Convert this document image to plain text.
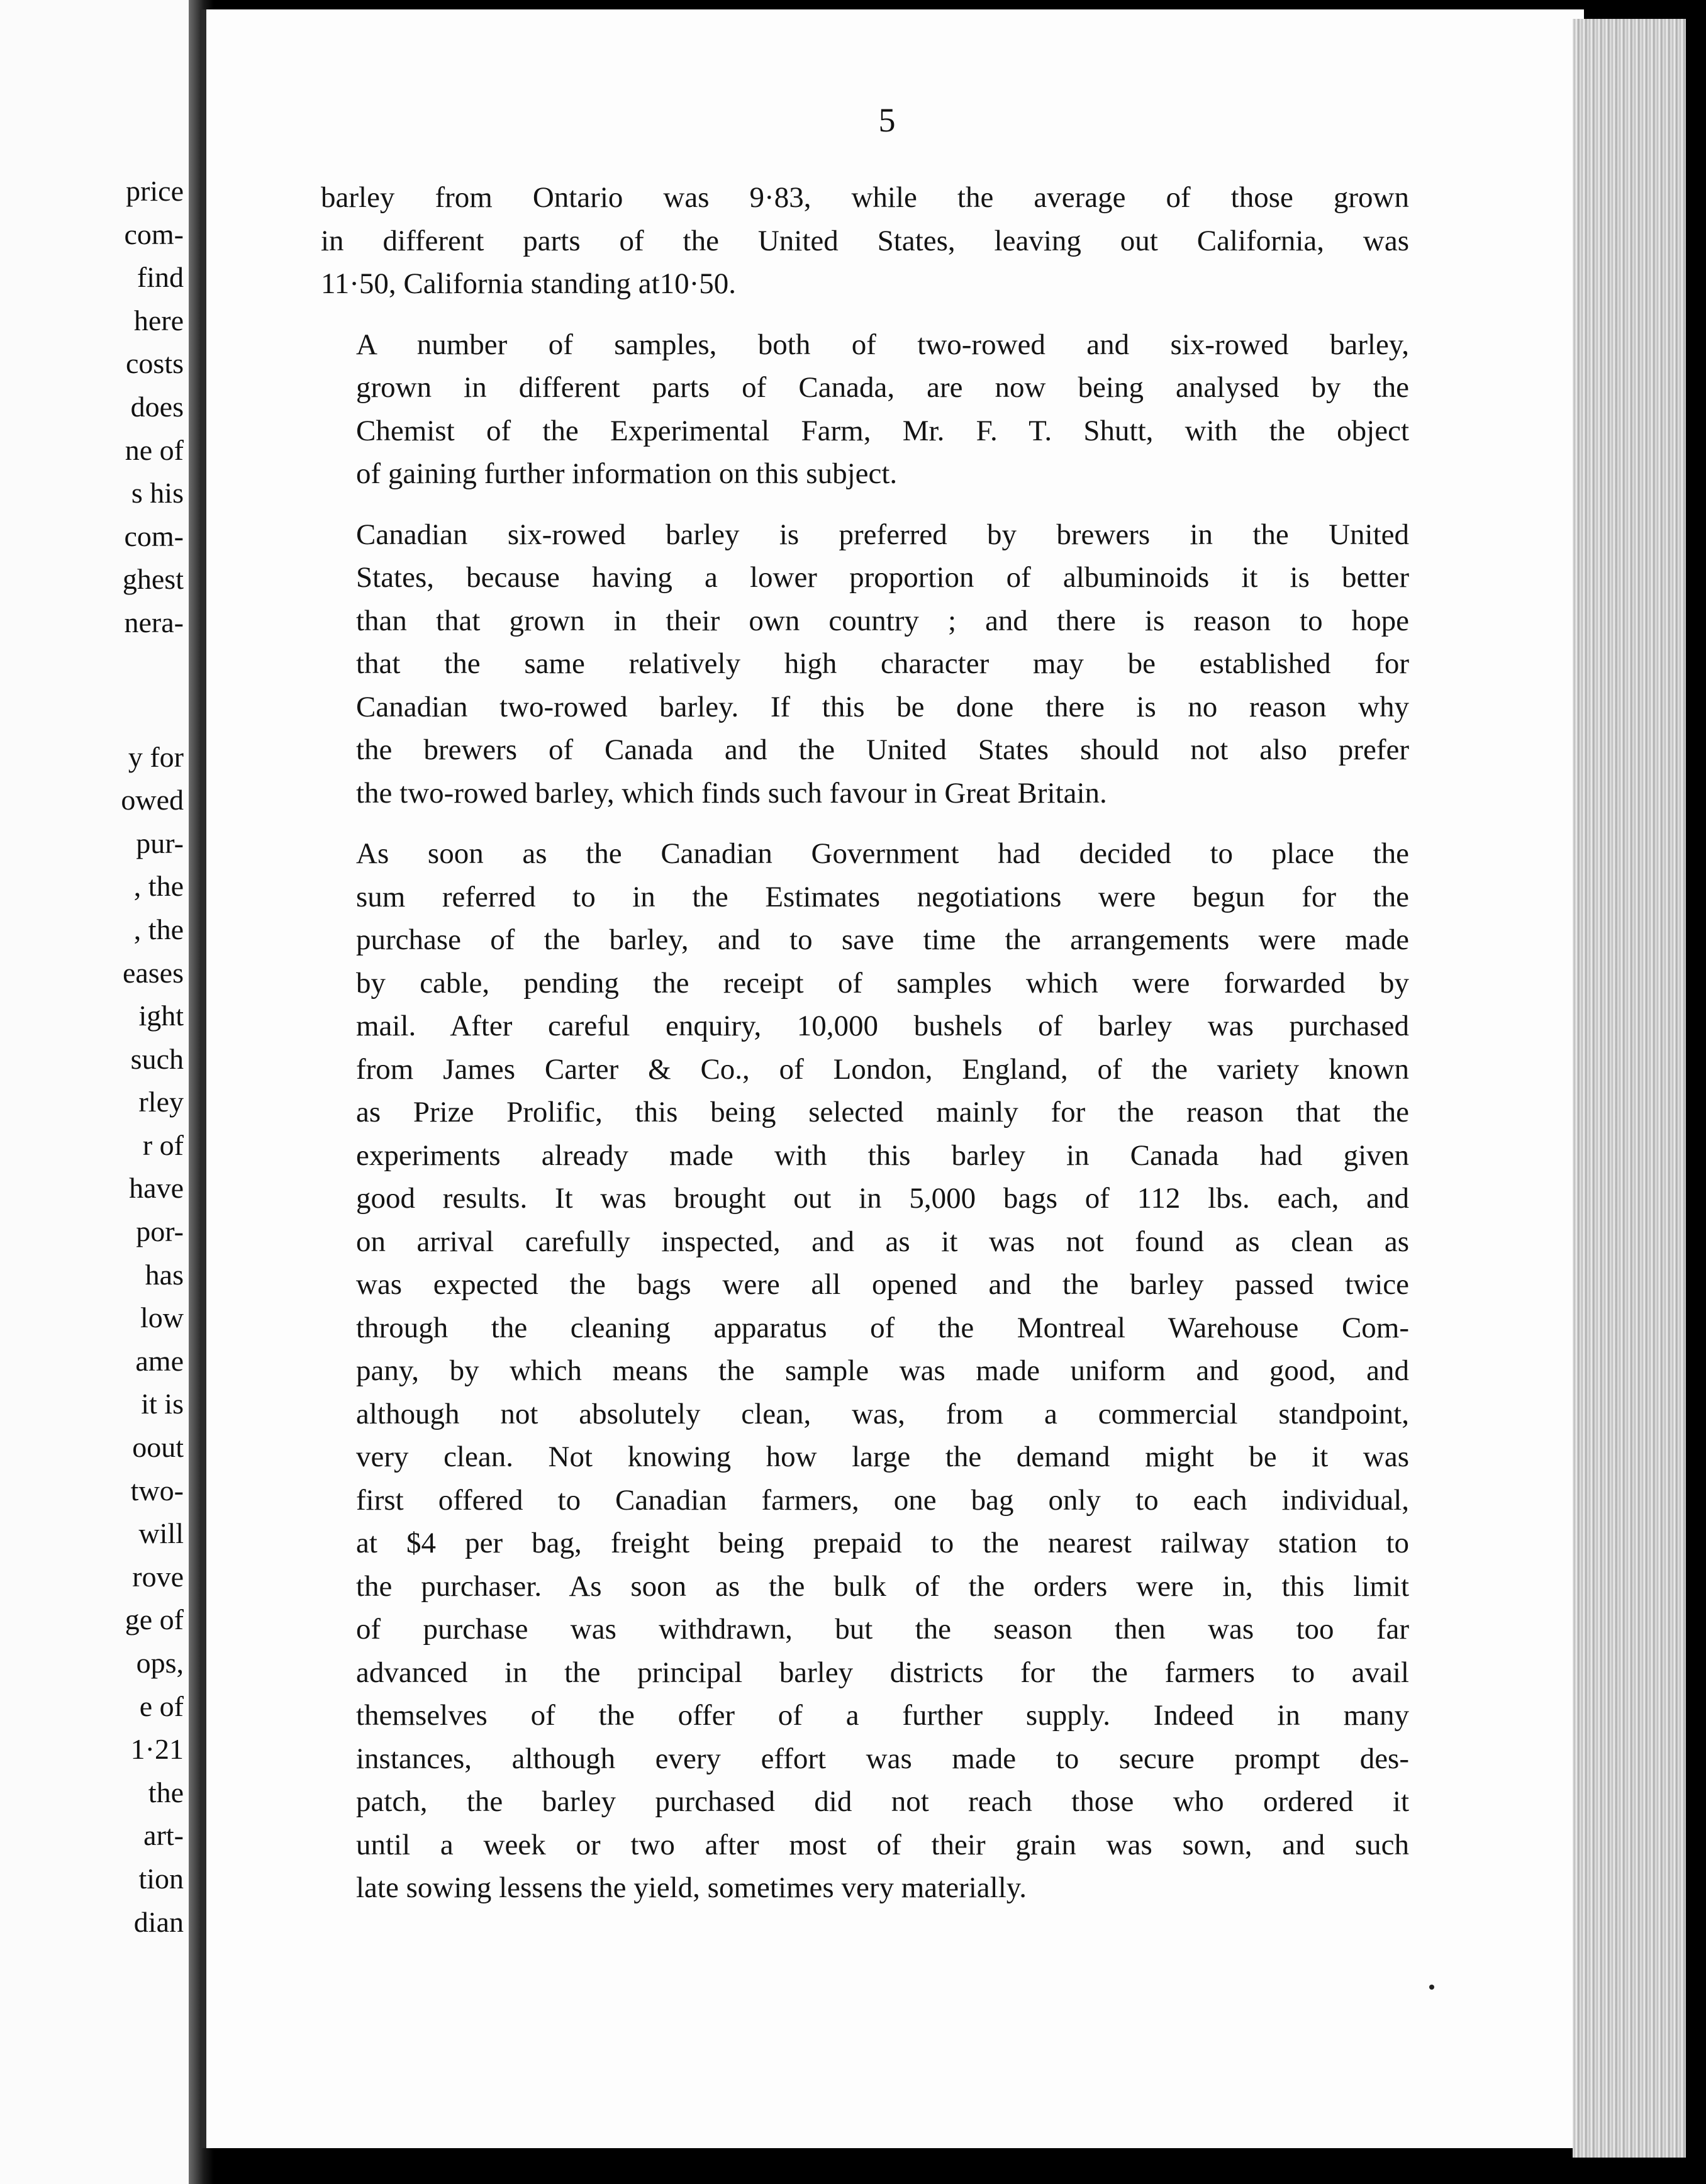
price
com-
find
here
costs
does
ne of
s his
com-
ghest
nera-
y for
owed
pur-
, the
, the
eases
ight
such
rley
r of
have
por-
has
low
ame
it is
oout
two-
will
rove
ge of
ops,
e of
1·21
the
art-
tion
dian
5
barley from Ontario was 9·83, while the average of those grown
in different parts of the United States, leaving out California, was
11·50, California standing at10·50.
A number of samples, both of two-rowed and six-rowed barley,
grown in different parts of Canada, are now being analysed by the
Chemist of the Experimental Farm, Mr. F. T. Shutt, with the object
of gaining further information on this subject.
Canadian six-rowed barley is preferred by brewers in the United
States, because having a lower proportion of albuminoids it is better
than that grown in their own country ; and there is reason to hope
that the same relatively high character may be established for
Canadian two-rowed barley. If this be done there is no reason why
the brewers of Canada and the United States should not also prefer
the two-rowed barley, which finds such favour in Great Britain.
As soon as the Canadian Government had decided to place the
sum referred to in the Estimates negotiations were begun for the
purchase of the barley, and to save time the arrangements were made
by cable, pending the receipt of samples which were forwarded by
mail. After careful enquiry, 10,000 bushels of barley was purchased
from James Carter & Co., of London, England, of the variety known
as Prize Prolific, this being selected mainly for the reason that the
experiments already made with this barley in Canada had given
good results. It was brought out in 5,000 bags of 112 lbs. each, and
on arrival carefully inspected, and as it was not found as clean as
was expected the bags were all opened and the barley passed twice
through the cleaning apparatus of the Montreal Warehouse Com-
pany, by which means the sample was made uniform and good, and
although not absolutely clean, was, from a commercial standpoint,
very clean. Not knowing how large the demand might be it was
first offered to Canadian farmers, one bag only to each individual,
at $4 per bag, freight being prepaid to the nearest railway station to
the purchaser. As soon as the bulk of the orders were in, this limit
of purchase was withdrawn, but the season then was too far
advanced in the principal barley districts for the farmers to avail
themselves of the offer of a further supply. Indeed in many
instances, although every effort was made to secure prompt des-
patch, the barley purchased did not reach those who ordered it
until a week or two after most of their grain was sown, and such
late sowing lessens the yield, sometimes very materially.
